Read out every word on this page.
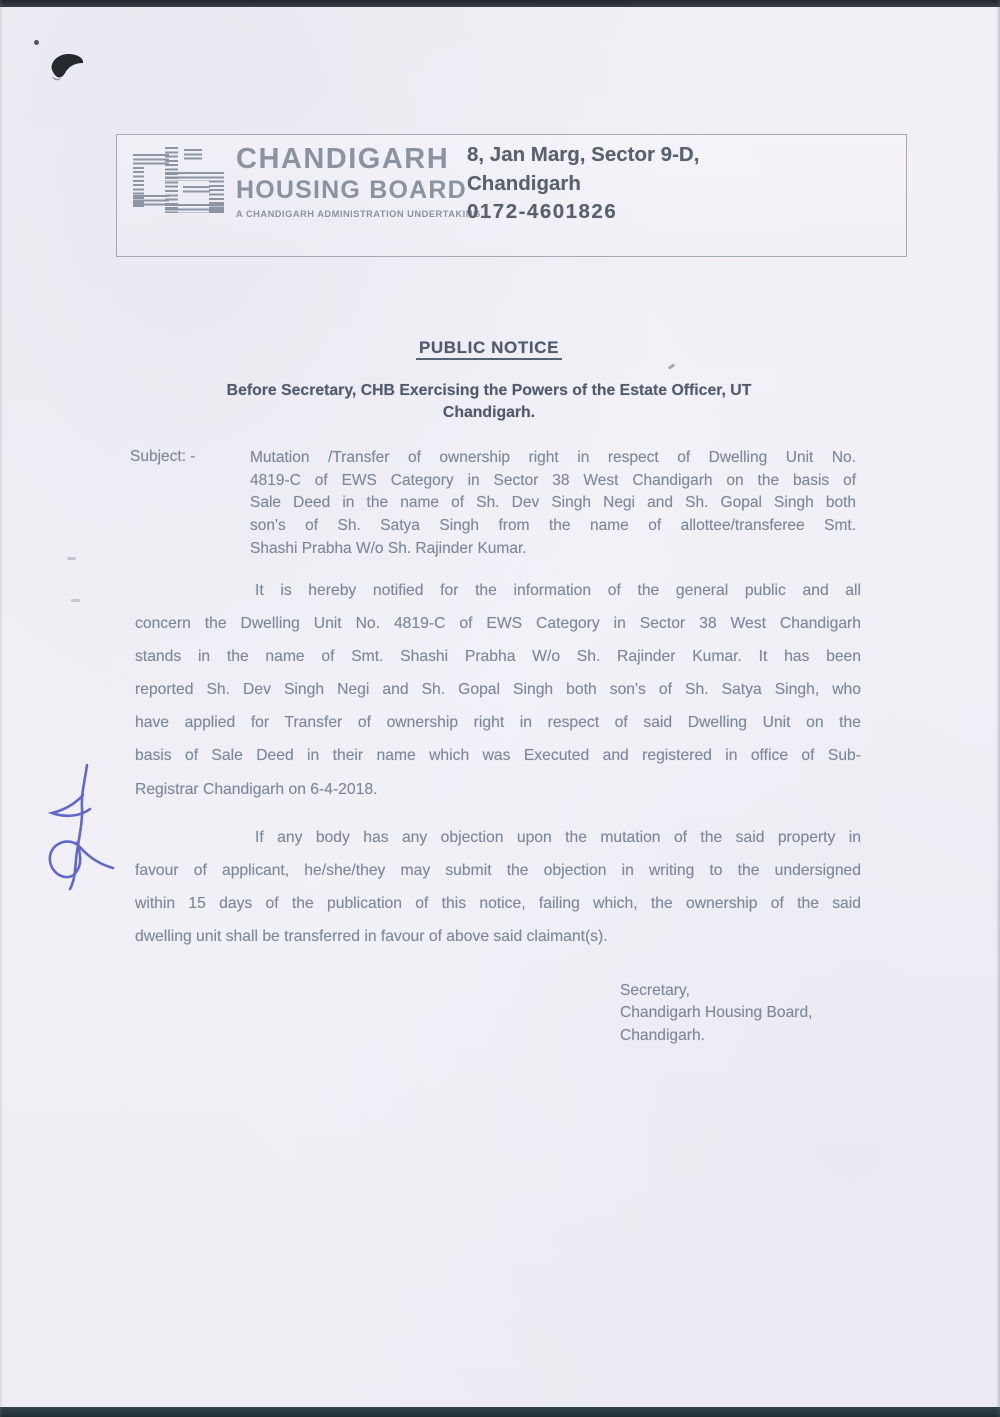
CHANDIGARH
HOUSING BOARD
A CHANDIGARH ADMINISTRATION UNDERTAKING
8, Jan Marg, Sector 9-D,
Chandigarh
0172-4601826
PUBLIC NOTICE
Before Secretary, CHB Exercising the Powers of the Estate Officer, UT
Chandigarh.
Subject: -	Mutation /Transfer of ownership right in respect of Dwelling Unit No.
4819-C of EWS Category in Sector 38 West Chandigarh on the basis of
Sale Deed in the name of Sh. Dev Singh Negi and Sh. Gopal Singh both
son's of Sh. Satya Singh from the name of allottee/transferee Smt.
Shashi Prabha W/o Sh. Rajinder Kumar.
It is hereby notified for the information of the general public and all
concern the Dwelling Unit No. 4819-C of EWS Category in Sector 38 West Chandigarh
stands in the name of Smt. Shashi Prabha W/o Sh. Rajinder Kumar. It has been
reported Sh. Dev Singh Negi and Sh. Gopal Singh both son's of Sh. Satya Singh, who
have applied for Transfer of ownership right in respect of said Dwelling Unit on the
basis of Sale Deed in their name which was Executed and registered in office of Sub-
Registrar Chandigarh on 6-4-2018.
If any body has any objection upon the mutation of the said property in
favour of applicant, he/she/they may submit the objection in writing to the undersigned
within 15 days of the publication of this notice, failing which, the ownership of the said
dwelling unit shall be transferred in favour of above said claimant(s).
Secretary,
Chandigarh Housing Board,
Chandigarh.
